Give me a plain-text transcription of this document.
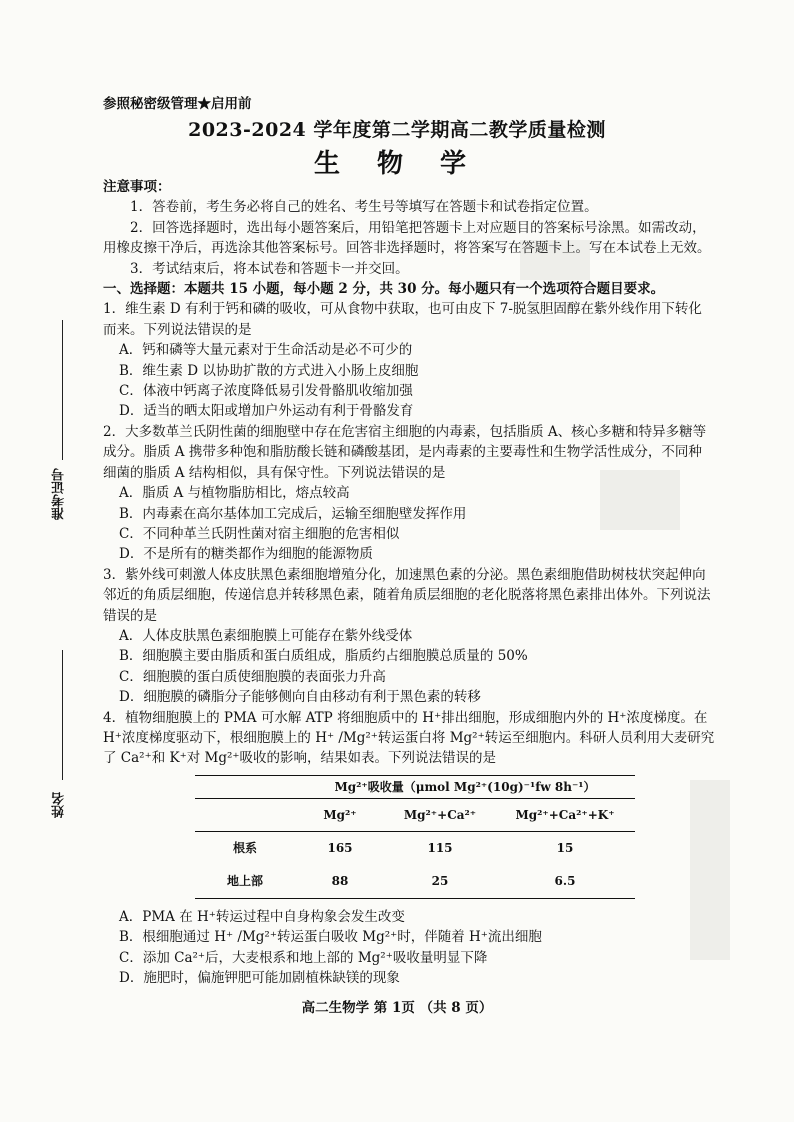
准考证号
姓名
参照秘密级管理★启用前
2023-2024 学年度第二学期高二教学质量检测
生 物 学

注意事项：

1．答卷前，考生务必将自己的姓名、考生号等填写在答题卡和试卷指定位置。

2．回答选择题时，选出每小题答案后，用铅笔把答题卡上对应题目的答案标号涂黑。如需改动，用橡皮擦干净后，再选涂其他答案标号。回答非选择题时，将答案写在答题卡上。写在本试卷上无效。

3．考试结束后，将本试卷和答题卡一并交回。

一、选择题：本题共 15 小题，每小题 2 分，共 30 分。每小题只有一个选项符合题目要求。

1．维生素 D 有利于钙和磷的吸收，可从食物中获取，也可由皮下 7-脱氢胆固醇在紫外线作用下转化而来。下列说法错误的是

A．钙和磷等大量元素对于生命活动是必不可少的

B．维生素 D 以协助扩散的方式进入小肠上皮细胞

C．体液中钙离子浓度降低易引发骨骼肌收缩加强

D．适当的晒太阳或增加户外运动有利于骨骼发育

2．大多数革兰氏阴性菌的细胞壁中存在危害宿主细胞的内毒素，包括脂质 A、核心多糖和特异多糖等成分。脂质 A 携带多种饱和脂肪酸长链和磷酸基团，是内毒素的主要毒性和生物学活性成分，不同种细菌的脂质 A 结构相似，具有保守性。下列说法错误的是

A．脂质 A 与植物脂肪相比，熔点较高

B．内毒素在高尔基体加工完成后，运输至细胞壁发挥作用

C．不同种革兰氏阴性菌对宿主细胞的危害相似

D．不是所有的糖类都作为细胞的能源物质

3．紫外线可刺激人体皮肤黑色素细胞增殖分化，加速黑色素的分泌。黑色素细胞借助树枝状突起伸向邻近的角质层细胞，传递信息并转移黑色素，随着角质层细胞的老化脱落将黑色素排出体外。下列说法错误的是

A．人体皮肤黑色素细胞膜上可能存在紫外线受体

B．细胞膜主要由脂质和蛋白质组成，脂质约占细胞膜总质量的 50%

C．细胞膜的蛋白质使细胞膜的表面张力升高

D．细胞膜的磷脂分子能够侧向自由移动有利于黑色素的转移

4．植物细胞膜上的 PMA 可水解 ATP 将细胞质中的 H⁺排出细胞，形成细胞内外的 H⁺浓度梯度。在 H⁺浓度梯度驱动下，根细胞膜上的 H⁺ /Mg²⁺转运蛋白将 Mg²⁺转运至细胞内。科研人员利用大麦研究了 Ca²⁺和 K⁺对 Mg²⁺吸收的影响，结果如表。下列说法错误的是

	Mg²⁺吸收量（μmol Mg²⁺(10g)⁻¹fw 8h⁻¹）		
	Mg²⁺	Mg²⁺+Ca²⁺	Mg²⁺+Ca²⁺+K⁺
根系	165	115	15
地上部	88	25	6.5

A．PMA 在 H⁺转运过程中自身构象会发生改变

B．根细胞通过 H⁺ /Mg²⁺转运蛋白吸收 Mg²⁺时，伴随着 H⁺流出细胞

C．添加 Ca²⁺后，大麦根系和地上部的 Mg²⁺吸收量明显下降

D．施肥时，偏施钾肥可能加剧植株缺镁的现象

高二生物学 第 1页 （共 8 页）
